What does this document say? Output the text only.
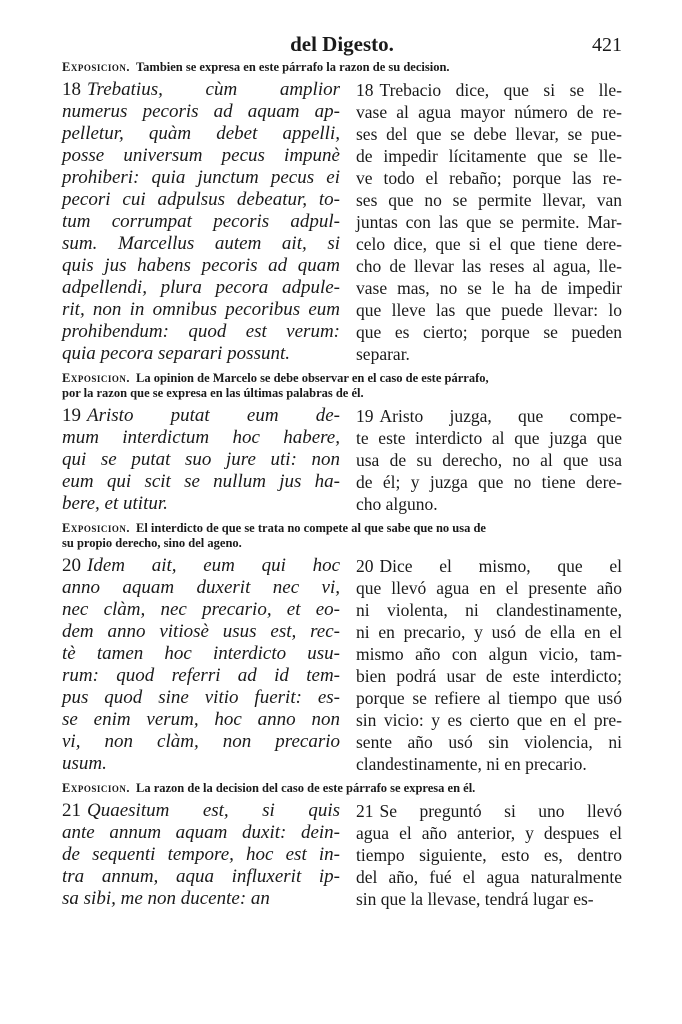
del Digesto.	421
Exposicion. Tambien se expresa en este párrafo la razon de su decision.
18 Trebatius, cùm amplior
numerus pecoris ad aquam ap-
pelletur, quàm debet appelli,
posse universum pecus impunè
prohiberi: quia junctum pecus ei
pecori cui adpulsus debeatur, to-
tum corrumpat pecoris adpul-
sum. Marcellus autem ait, si
quis jus habens pecoris ad quam
adpellendi, plura pecora adpule-
rit, non in omnibus pecoribus eum
prohibendum: quod est verum:
quia pecora separari possunt.
18 Trebacio dice, que si se lle-
vase al agua mayor número de re-
ses del que se debe llevar, se pue-
de impedir lícitamente que se lle-
ve todo el rebaño; porque las re-
ses que no se permite llevar, van
juntas con las que se permite. Mar-
celo dice, que si el que tiene dere-
cho de llevar las reses al agua, lle-
vase mas, no se le ha de impedir
que lleve las que puede llevar: lo
que es cierto; porque se pueden
separar.
Exposicion. La opinion de Marcelo se debe observar en el caso de este párrafo,
por la razon que se expresa en las últimas palabras de él.
19 Aristo putat eum de-
mum interdictum hoc habere,
qui se putat suo jure uti: non
eum qui scit se nullum jus ha-
bere, et utitur.
19 Aristo juzga, que compe-
te este interdicto al que juzga que
usa de su derecho, no al que usa
de él; y juzga que no tiene dere-
cho alguno.
Exposicion. El interdicto de que se trata no compete al que sabe que no usa de
su propio derecho, sino del ageno.
20 Idem ait, eum qui hoc
anno aquam duxerit nec vi,
nec clàm, nec precario, et eo-
dem anno vitiosè usus est, rec-
tè tamen hoc interdicto usu-
rum: quod referri ad id tem-
pus quod sine vitio fuerit: es-
se enim verum, hoc anno non
vi, non clàm, non precario
usum.
20 Dice el mismo, que el
que llevó agua en el presente año
ni violenta, ni clandestinamente,
ni en precario, y usó de ella en el
mismo año con algun vicio, tam-
bien podrá usar de este interdicto;
porque se refiere al tiempo que usó
sin vicio: y es cierto que en el pre-
sente año usó sin violencia, ni
clandestinamente, ni en precario.
Exposicion. La razon de la decision del caso de este párrafo se expresa en él.
21 Quaesitum est, si quis
ante annum aquam duxit: dein-
de sequenti tempore, hoc est in-
tra annum, aqua influxerit ip-
sa sibi, me non ducente: an
21 Se preguntó si uno llevó
agua el año anterior, y despues el
tiempo siguiente, esto es, dentro
del año, fué el agua naturalmente
sin que la llevase, tendrá lugar es-
